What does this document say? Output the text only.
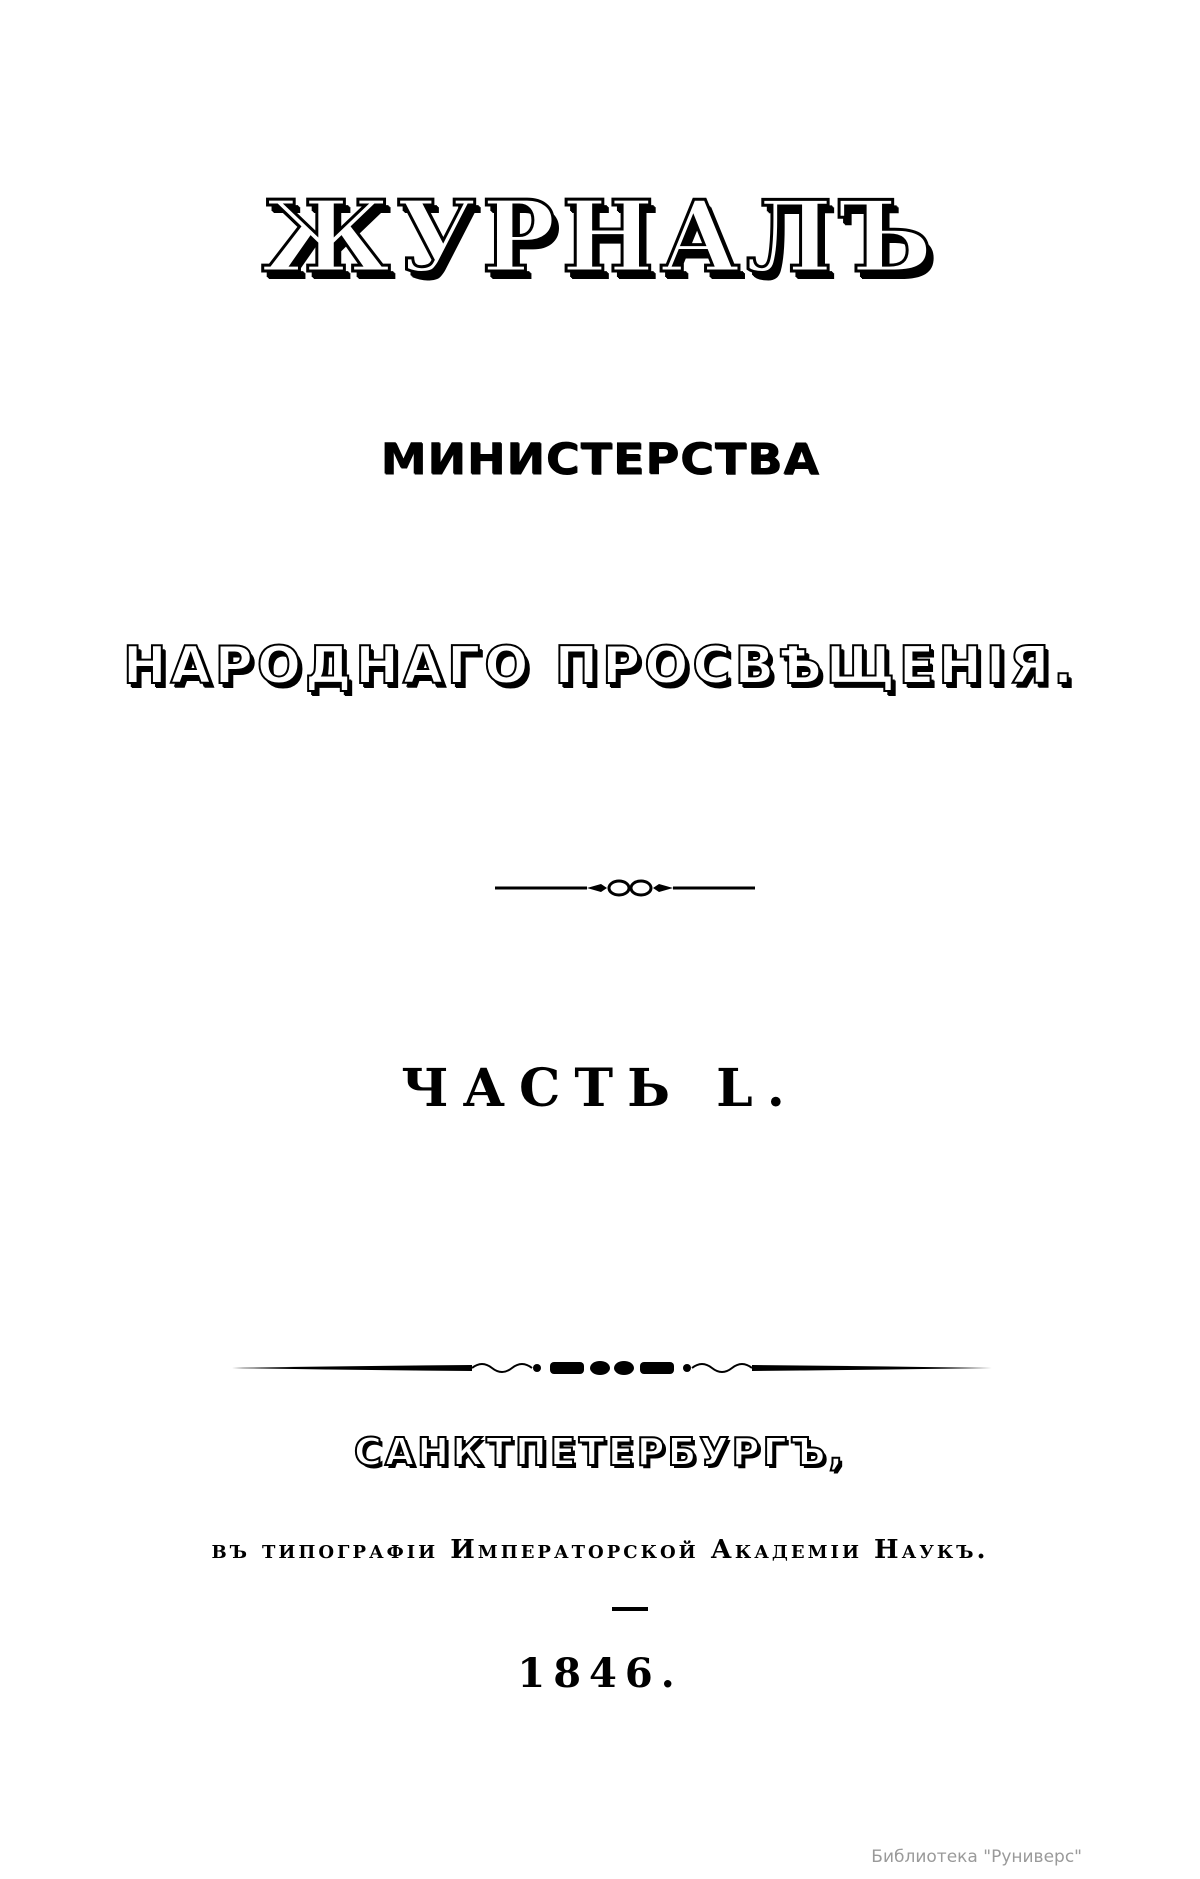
ЖУРНАЛЪ
МИНИСТЕРСТВА
НАРОДНАГО ПРОСВѢЩЕНІЯ.
ЧАСТЬ L.
САНКТПЕТЕРБУРГЪ,
въ типографіи Императорской Академіи Наукъ.
1846.
Библиотека "Руниверс"
